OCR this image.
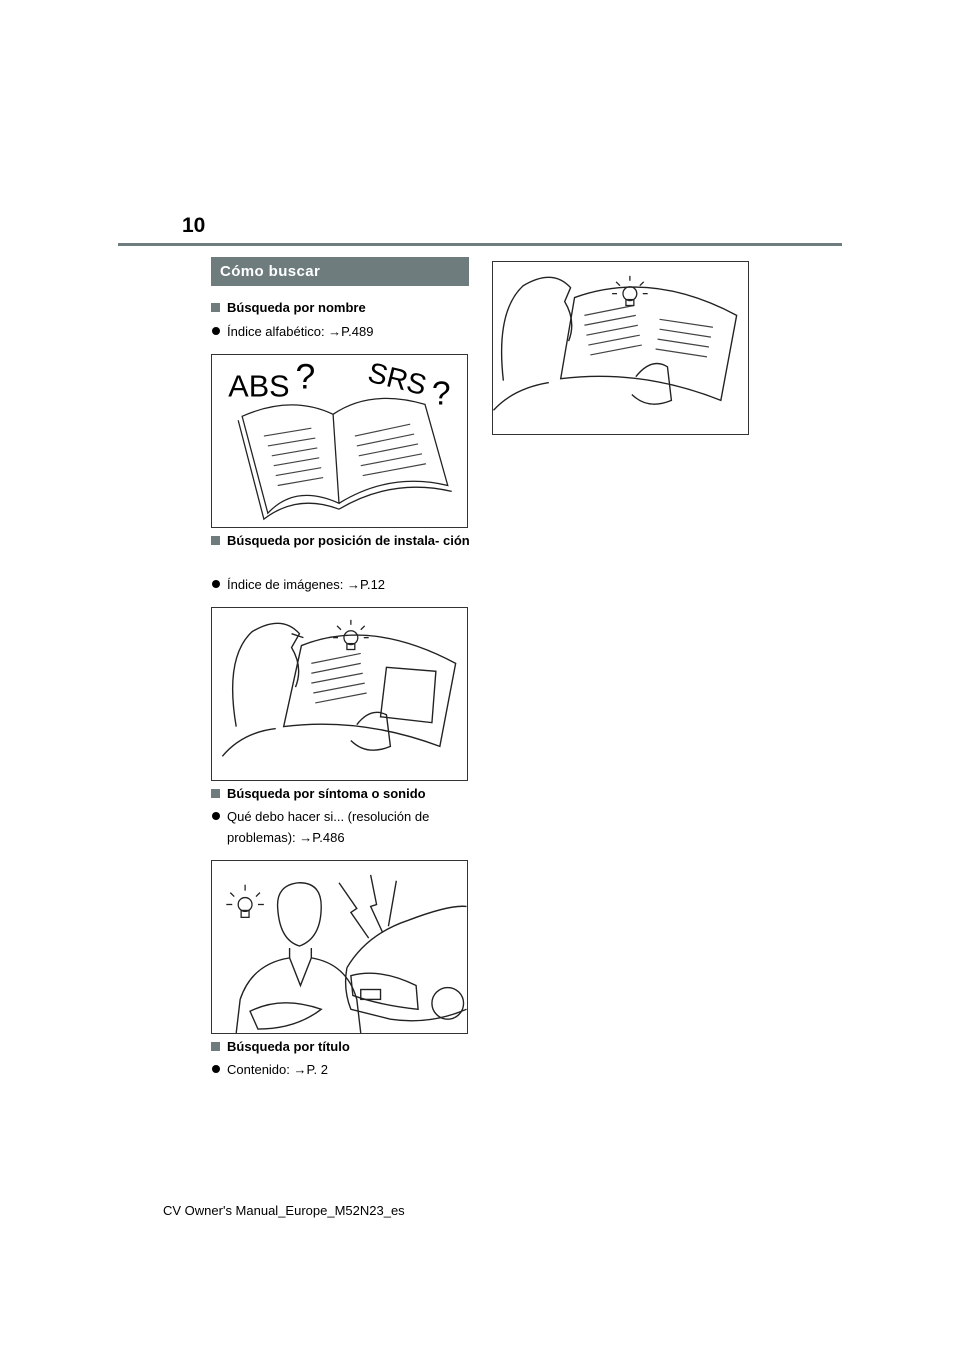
10
Cómo buscar
Búsqueda por nombre
Índice alfabético: →P.489
ABS ? SRS ?
Búsqueda por posición de instala- ción
Índice de imágenes: →P.12
Búsqueda por síntoma o sonido
Qué debo hacer si... (resolución de problemas): →P.486
Búsqueda por título
Contenido: →P. 2
CV Owner's Manual_Europe_M52N23_es
